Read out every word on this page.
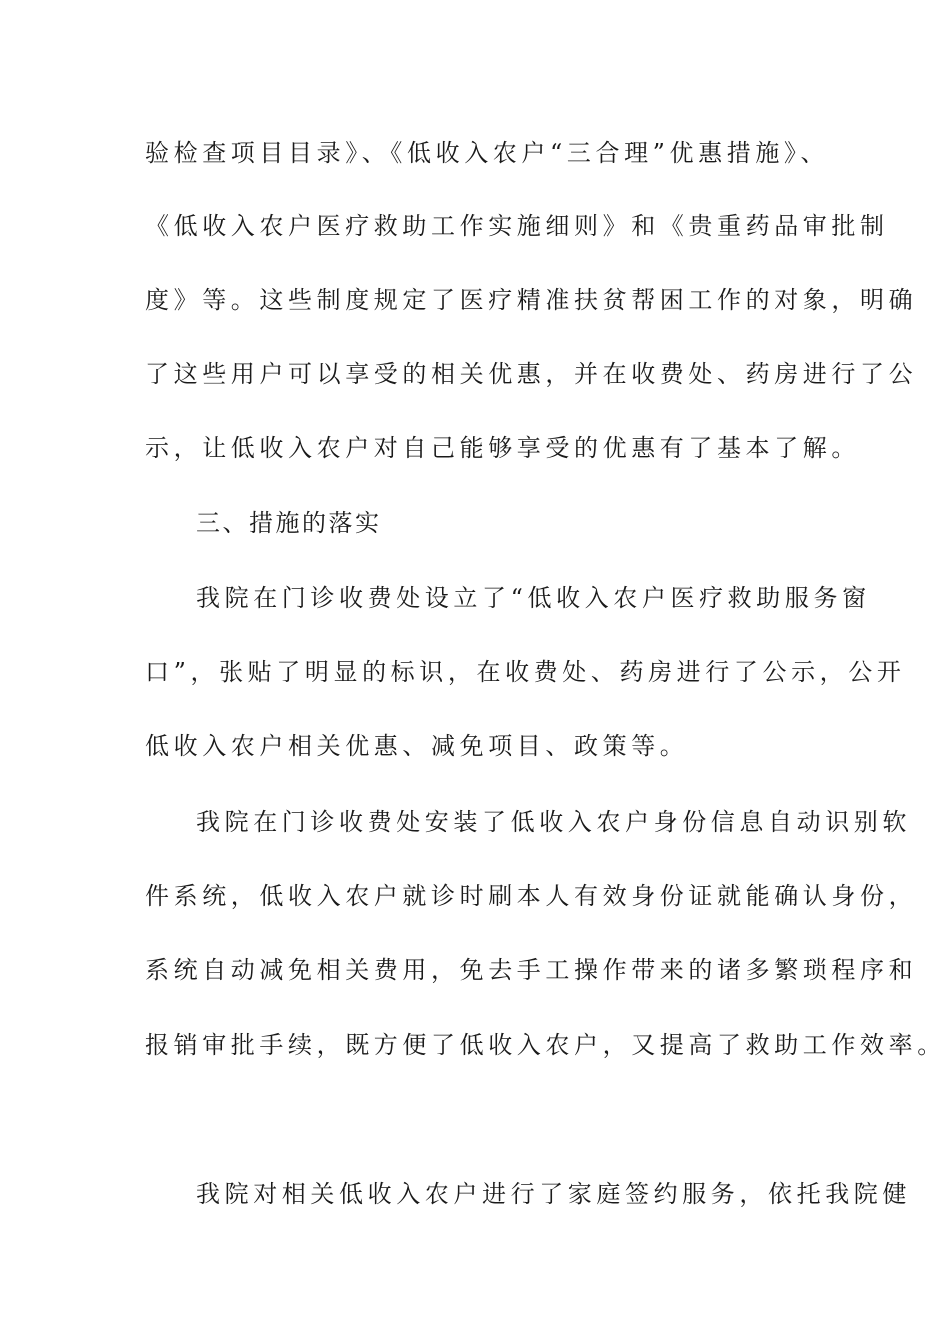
验检查项目目录》、《低收入农户“三合理”优惠措施》、
《低收入农户医疗救助工作实施细则》和《贵重药品审批制
度》等。这些制度规定了医疗精准扶贫帮困工作的对象，明确
了这些用户可以享受的相关优惠，并在收费处、药房进行了公
示，让低收入农户对自己能够享受的优惠有了基本了解。
三、措施的落实
我院在门诊收费处设立了“低收入农户医疗救助服务窗
口”，张贴了明显的标识，在收费处、药房进行了公示，公开
低收入农户相关优惠、减免项目、政策等。
我院在门诊收费处安装了低收入农户身份信息自动识别软
件系统，低收入农户就诊时刷本人有效身份证就能确认身份，
系统自动减免相关费用，免去手工操作带来的诸多繁琐程序和
报销审批手续，既方便了低收入农户，又提高了救助工作效率。
我院对相关低收入农户进行了家庭签约服务，依托我院健
